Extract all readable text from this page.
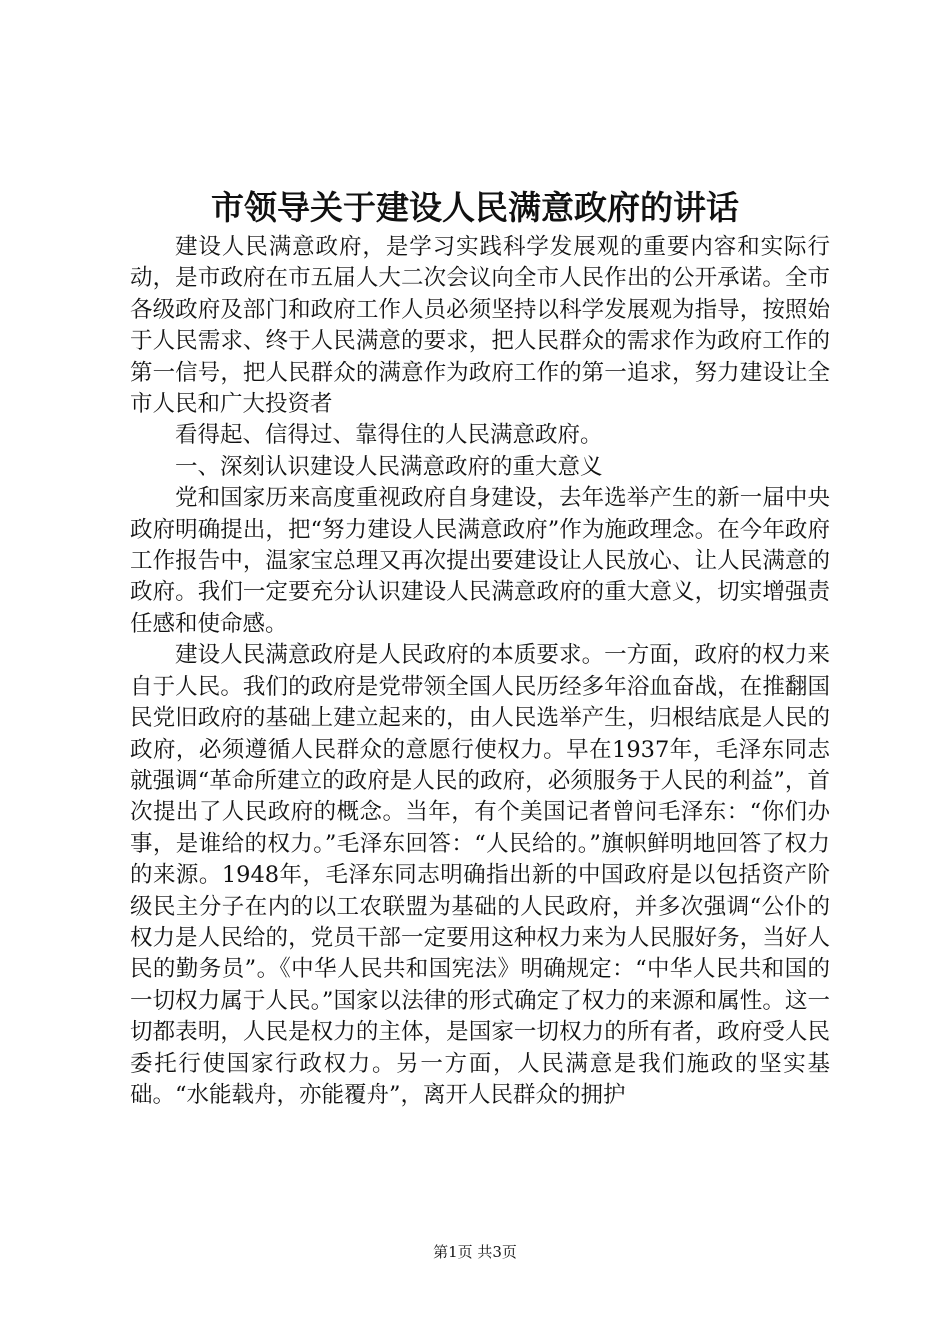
市领导关于建设人民满意政府的讲话

建设人民满意政府，是学习实践科学发展观的重要内容和实际行动，是市政府在市五届人大二次会议向全市人民作出的公开承诺。全市各级政府及部门和政府工作人员必须坚持以科学发展观为指导，按照始于人民需求、终于人民满意的要求，把人民群众的需求作为政府工作的第一信号，把人民群众的满意作为政府工作的第一追求，努力建设让全市人民和广大投资者

看得起、信得过、靠得住的人民满意政府。

一、深刻认识建设人民满意政府的重大意义

党和国家历来高度重视政府自身建设，去年选举产生的新一届中央政府明确提出，把“努力建设人民满意政府”作为施政理念。在今年政府工作报告中，温家宝总理又再次提出要建设让人民放心、让人民满意的政府。我们一定要充分认识建设人民满意政府的重大意义，切实增强责任感和使命感。

建设人民满意政府是人民政府的本质要求。一方面，政府的权力来自于人民。我们的政府是党带领全国人民历经多年浴血奋战，在推翻国民党旧政府的基础上建立起来的，由人民选举产生，归根结底是人民的政府，必须遵循人民群众的意愿行使权力。早在1937年，毛泽东同志就强调“革命所建立的政府是人民的政府，必须服务于人民的利益”，首次提出了人民政府的概念。当年，有个美国记者曾问毛泽东：“你们办事，是谁给的权力。”毛泽东回答：“人民给的。”旗帜鲜明地回答了权力的来源。1948年，毛泽东同志明确指出新的中国政府是以包括资产阶级民主分子在内的以工农联盟为基础的人民政府，并多次强调“公仆的权力是人民给的，党员干部一定要用这种权力来为人民服好务，当好人民的勤务员”。《中华人民共和国宪法》明确规定：“中华人民共和国的一切权力属于人民。”国家以法律的形式确定了权力的来源和属性。这一切都表明，人民是权力的主体，是国家一切权力的所有者，政府受人民委托行使国家行政权力。另一方面，人民满意是我们施政的坚实基础。“水能载舟，亦能覆舟”，离开人民群众的拥护

第1页 共3页
